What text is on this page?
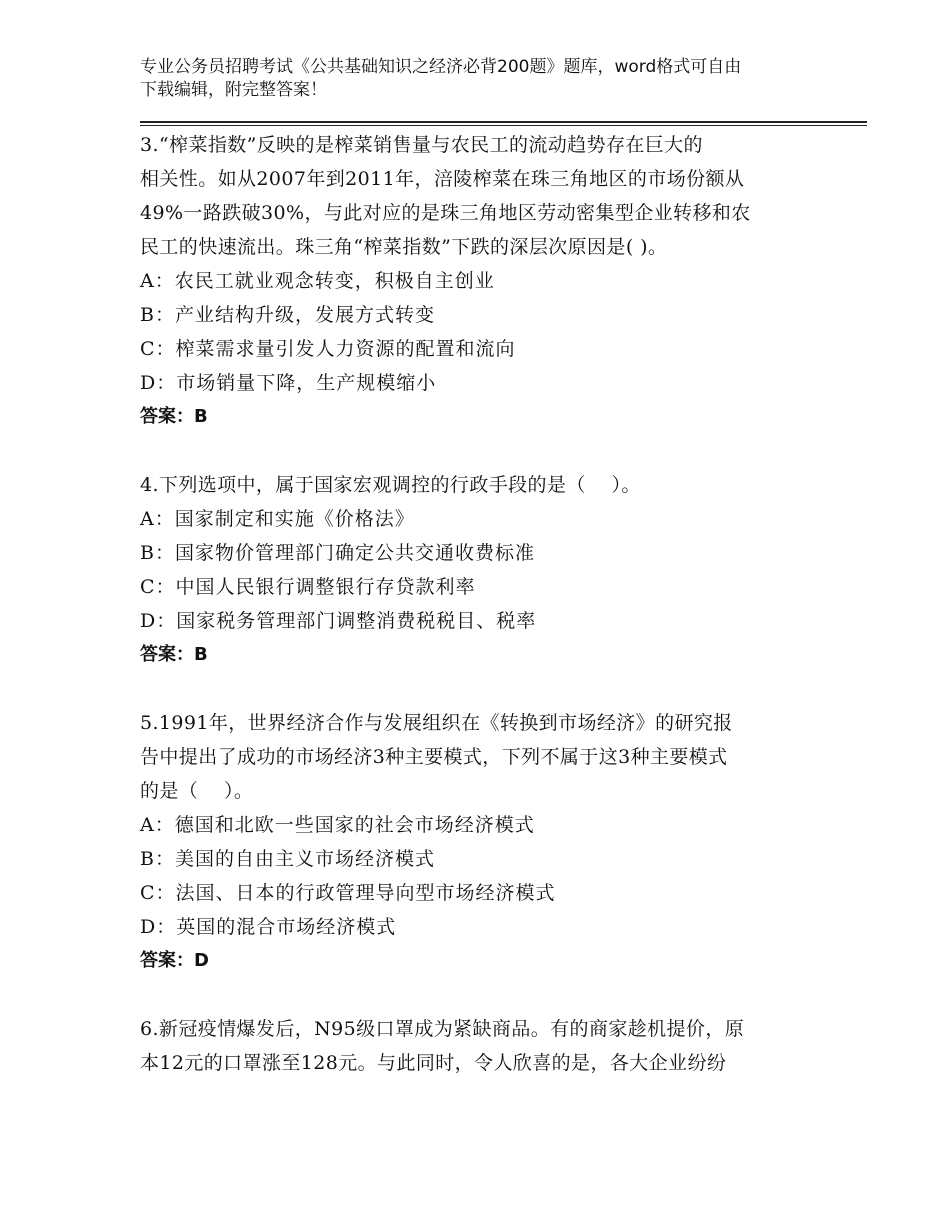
专业公务员招聘考试《公共基础知识之经济必背200题》题库，word格式可自由
下载编辑，附完整答案！
3.“榨菜指数”反映的是榨菜销售量与农民工的流动趋势存在巨大的
相关性。如从2007年到2011年，涪陵榨菜在珠三角地区的市场份额从
49%一路跌破30%，与此对应的是珠三角地区劳动密集型企业转移和农
民工的快速流出。珠三角“榨菜指数”下跌的深层次原因是( )。
A：农民工就业观念转变，积极自主创业
B：产业结构升级，发展方式转变
C：榨菜需求量引发人力资源的配置和流向
D：市场销量下降，生产规模缩小
答案：B
4.下列选项中，属于国家宏观调控的行政手段的是（    ）。
A：国家制定和实施《价格法》
B：国家物价管理部门确定公共交通收费标准
C：中国人民银行调整银行存贷款利率
D：国家税务管理部门调整消费税税目、税率
答案：B
5.1991年，世界经济合作与发展组织在《转换到市场经济》的研究报
告中提出了成功的市场经济3种主要模式，下列不属于这3种主要模式
的是（    ）。
A：德国和北欧一些国家的社会市场经济模式
B：美国的自由主义市场经济模式
C：法国、日本的行政管理导向型市场经济模式
D：英国的混合市场经济模式
答案：D
6.新冠疫情爆发后，N95级口罩成为紧缺商品。有的商家趁机提价，原
本12元的口罩涨至128元。与此同时，令人欣喜的是，各大企业纷纷
